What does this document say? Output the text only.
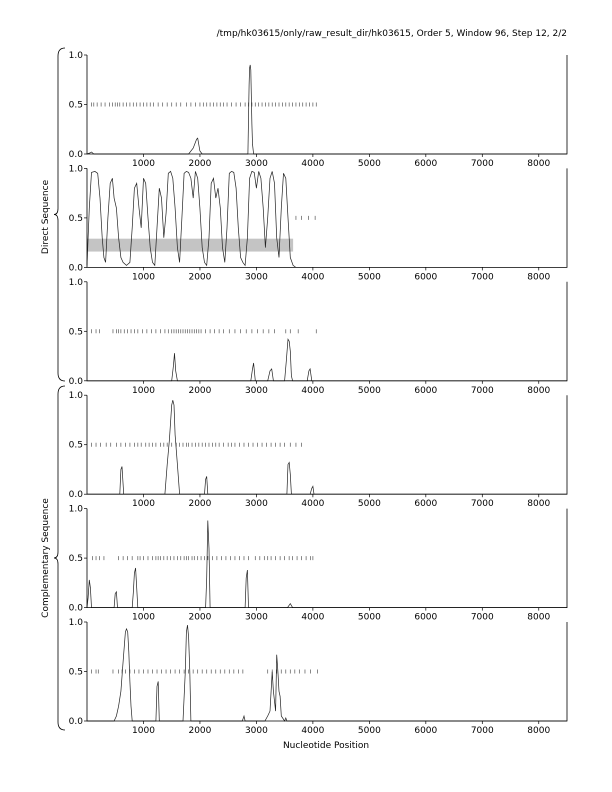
/tmp/hk03615/only/raw_result_dir/hk03615, Order 5, Window 96, Step 12, 2/2
0.0
0.5
1.0
1000	2000	3000	4000	5000	6000	7000	8000
0.0
0.5
1.0
1000	2000	3000	4000	5000	6000	7000	8000
0.0
0.5
1.0
1000	2000	3000	4000	5000	6000	7000	8000
0.0
0.5
1.0
1000	2000	3000	4000	5000	6000	7000	8000
0.0
0.5
1.0
1000	2000	3000	4000	5000	6000	7000	8000
0.0
0.5
1.0
1000	2000	3000	4000	5000	6000	7000	8000
Direct Sequence
Complementary Sequence
Nucleotide Position
